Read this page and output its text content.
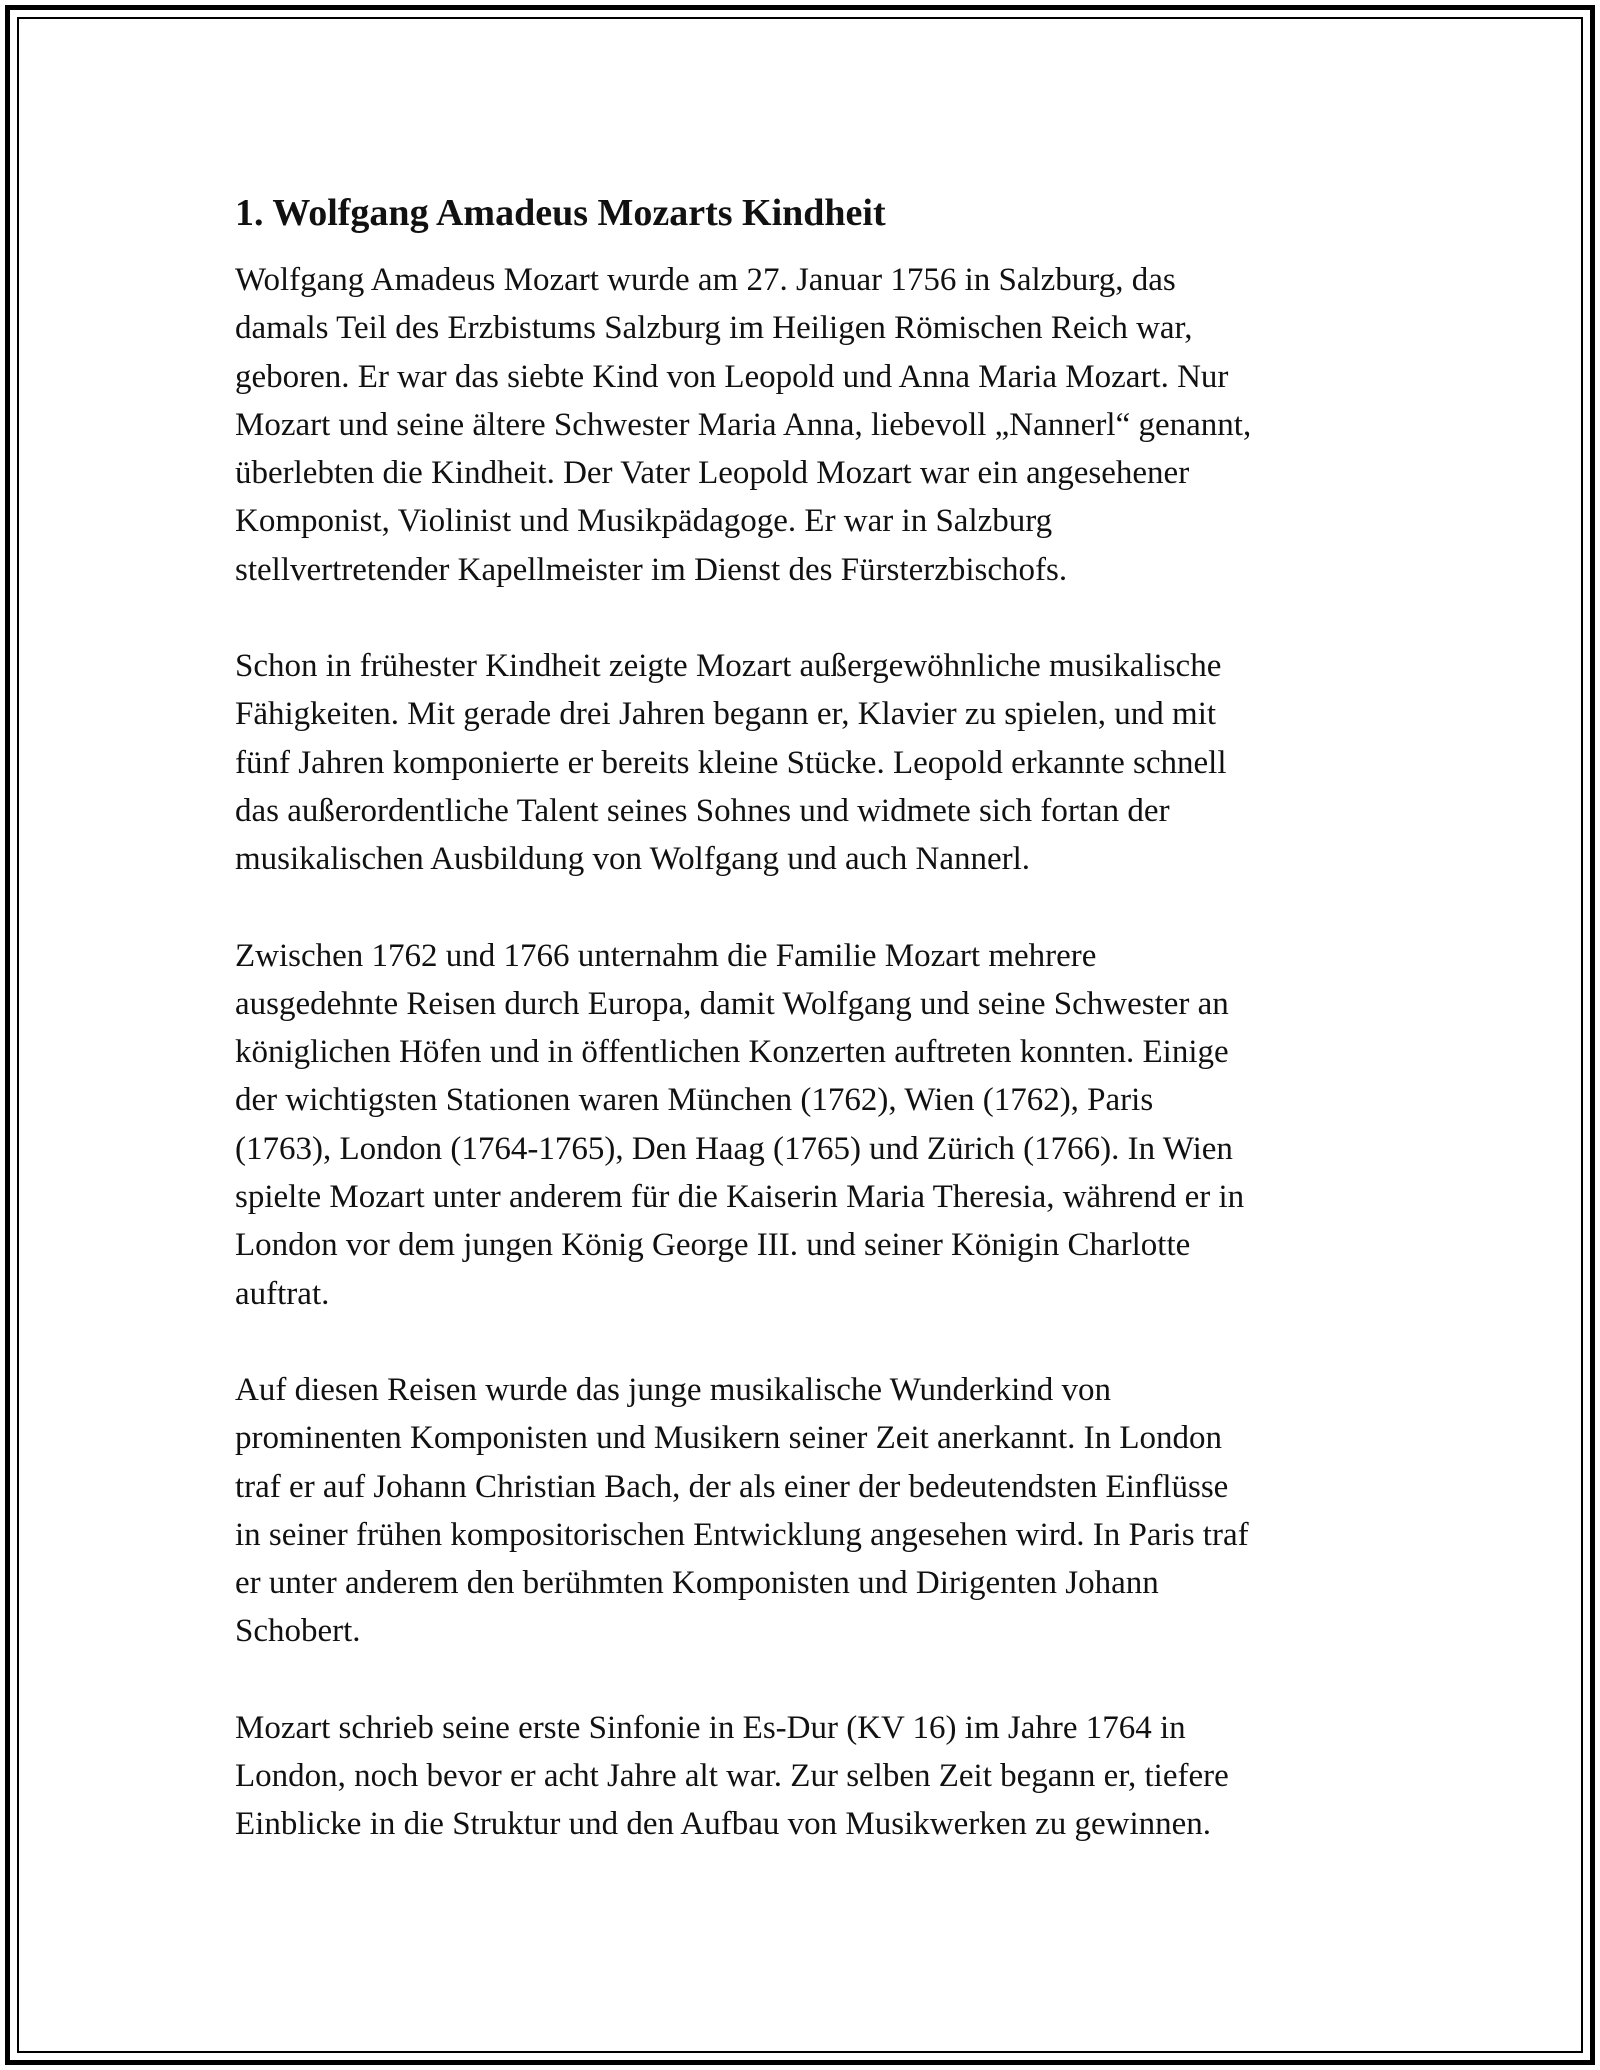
1. Wolfgang Amadeus Mozarts Kindheit
Wolfgang Amadeus Mozart wurde am 27. Januar 1756 in Salzburg, das
damals Teil des Erzbistums Salzburg im Heiligen Römischen Reich war,
geboren. Er war das siebte Kind von Leopold und Anna Maria Mozart. Nur
Mozart und seine ältere Schwester Maria Anna, liebevoll „Nannerl“ genannt,
überlebten die Kindheit. Der Vater Leopold Mozart war ein angesehener
Komponist, Violinist und Musikpädagoge. Er war in Salzburg
stellvertretender Kapellmeister im Dienst des Fürsterzbischofs.
Schon in frühester Kindheit zeigte Mozart außergewöhnliche musikalische
Fähigkeiten. Mit gerade drei Jahren begann er, Klavier zu spielen, und mit
fünf Jahren komponierte er bereits kleine Stücke. Leopold erkannte schnell
das außerordentliche Talent seines Sohnes und widmete sich fortan der
musikalischen Ausbildung von Wolfgang und auch Nannerl.
Zwischen 1762 und 1766 unternahm die Familie Mozart mehrere
ausgedehnte Reisen durch Europa, damit Wolfgang und seine Schwester an
königlichen Höfen und in öffentlichen Konzerten auftreten konnten. Einige
der wichtigsten Stationen waren München (1762), Wien (1762), Paris
(1763), London (1764-1765), Den Haag (1765) und Zürich (1766). In Wien
spielte Mozart unter anderem für die Kaiserin Maria Theresia, während er in
London vor dem jungen König George III. und seiner Königin Charlotte
auftrat.
Auf diesen Reisen wurde das junge musikalische Wunderkind von
prominenten Komponisten und Musikern seiner Zeit anerkannt. In London
traf er auf Johann Christian Bach, der als einer der bedeutendsten Einflüsse
in seiner frühen kompositorischen Entwicklung angesehen wird. In Paris traf
er unter anderem den berühmten Komponisten und Dirigenten Johann
Schobert.
Mozart schrieb seine erste Sinfonie in Es-Dur (KV 16) im Jahre 1764 in
London, noch bevor er acht Jahre alt war. Zur selben Zeit begann er, tiefere
Einblicke in die Struktur und den Aufbau von Musikwerken zu gewinnen.
